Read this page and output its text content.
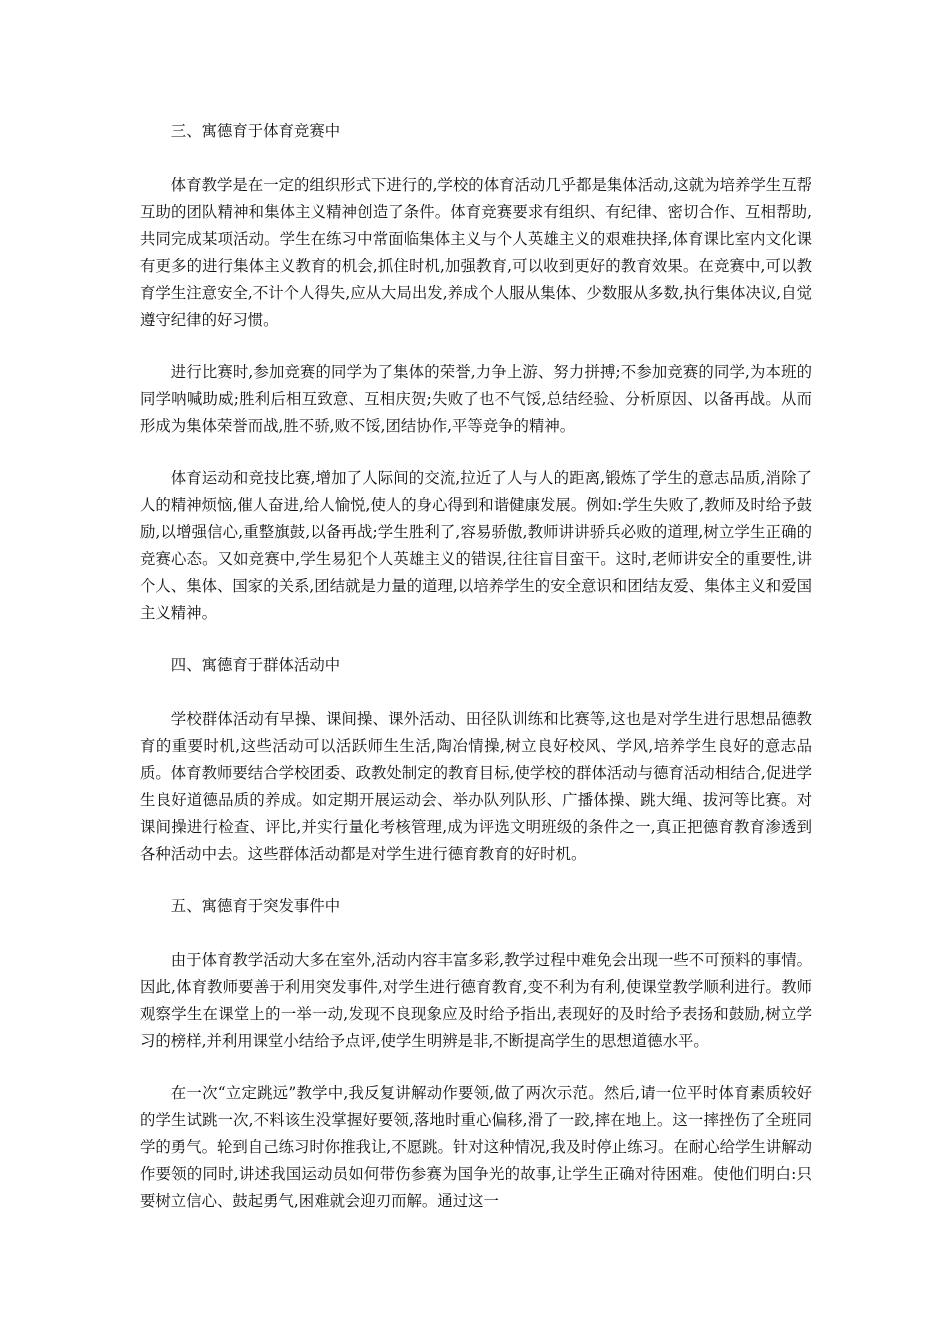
三、寓德育于体育竞赛中

体育教学是在一定的组织形式下进行的,学校的体育活动几乎都是集体活动,这就为培养学生互帮互助的团队精神和集体主义精神创造了条件。体育竞赛要求有组织、有纪律、密切合作、互相帮助,共同完成某项活动。学生在练习中常面临集体主义与个人英雄主义的艰难抉择,体育课比室内文化课有更多的进行集体主义教育的机会,抓住时机,加强教育,可以收到更好的教育效果。在竞赛中,可以教育学生注意安全,不计个人得失,应从大局出发,养成个人服从集体、少数服从多数,执行集体决议,自觉遵守纪律的好习惯。

进行比赛时,参加竞赛的同学为了集体的荣誉,力争上游、努力拼搏;不参加竞赛的同学,为本班的同学呐喊助威;胜利后相互致意、互相庆贺;失败了也不气馁,总结经验、分析原因、以备再战。从而形成为集体荣誉而战,胜不骄,败不馁,团结协作,平等竞争的精神。

体育运动和竞技比赛,增加了人际间的交流,拉近了人与人的距离,锻炼了学生的意志品质,消除了人的精神烦恼,催人奋进,给人愉悦,使人的身心得到和谐健康发展。例如:学生失败了,教师及时给予鼓励,以增强信心,重整旗鼓,以备再战;学生胜利了,容易骄傲,教师讲讲骄兵必败的道理,树立学生正确的竞赛心态。又如竞赛中,学生易犯个人英雄主义的错误,往往盲目蛮干。这时,老师讲安全的重要性,讲个人、集体、国家的关系,团结就是力量的道理,以培养学生的安全意识和团结友爱、集体主义和爱国主义精神。

四、寓德育于群体活动中

学校群体活动有早操、课间操、课外活动、田径队训练和比赛等,这也是对学生进行思想品德教育的重要时机,这些活动可以活跃师生生活,陶冶情操,树立良好校风、学风,培养学生良好的意志品质。体育教师要结合学校团委、政教处制定的教育目标,使学校的群体活动与德育活动相结合,促进学生良好道德品质的养成。如定期开展运动会、举办队列队形、广播体操、跳大绳、拔河等比赛。对课间操进行检查、评比,并实行量化考核管理,成为评选文明班级的条件之一,真正把德育教育渗透到各种活动中去。这些群体活动都是对学生进行德育教育的好时机。

五、寓德育于突发事件中

由于体育教学活动大多在室外,活动内容丰富多彩,教学过程中难免会出现一些不可预料的事情。因此,体育教师要善于利用突发事件,对学生进行德育教育,变不利为有利,使课堂教学顺利进行。教师观察学生在课堂上的一举一动,发现不良现象应及时给予指出,表现好的及时给予表扬和鼓励,树立学习的榜样,并利用课堂小结给予点评,使学生明辨是非,不断提高学生的思想道德水平。

在一次“立定跳远”教学中,我反复讲解动作要领,做了两次示范。然后,请一位平时体育素质较好的学生试跳一次,不料该生没掌握好要领,落地时重心偏移,滑了一跤,摔在地上。这一摔挫伤了全班同学的勇气。轮到自己练习时你推我让,不愿跳。针对这种情况,我及时停止练习。在耐心给学生讲解动作要领的同时,讲述我国运动员如何带伤参赛为国争光的故事,让学生正确对待困难。使他们明白:只要树立信心、鼓起勇气,困难就会迎刃而解。通过这一
